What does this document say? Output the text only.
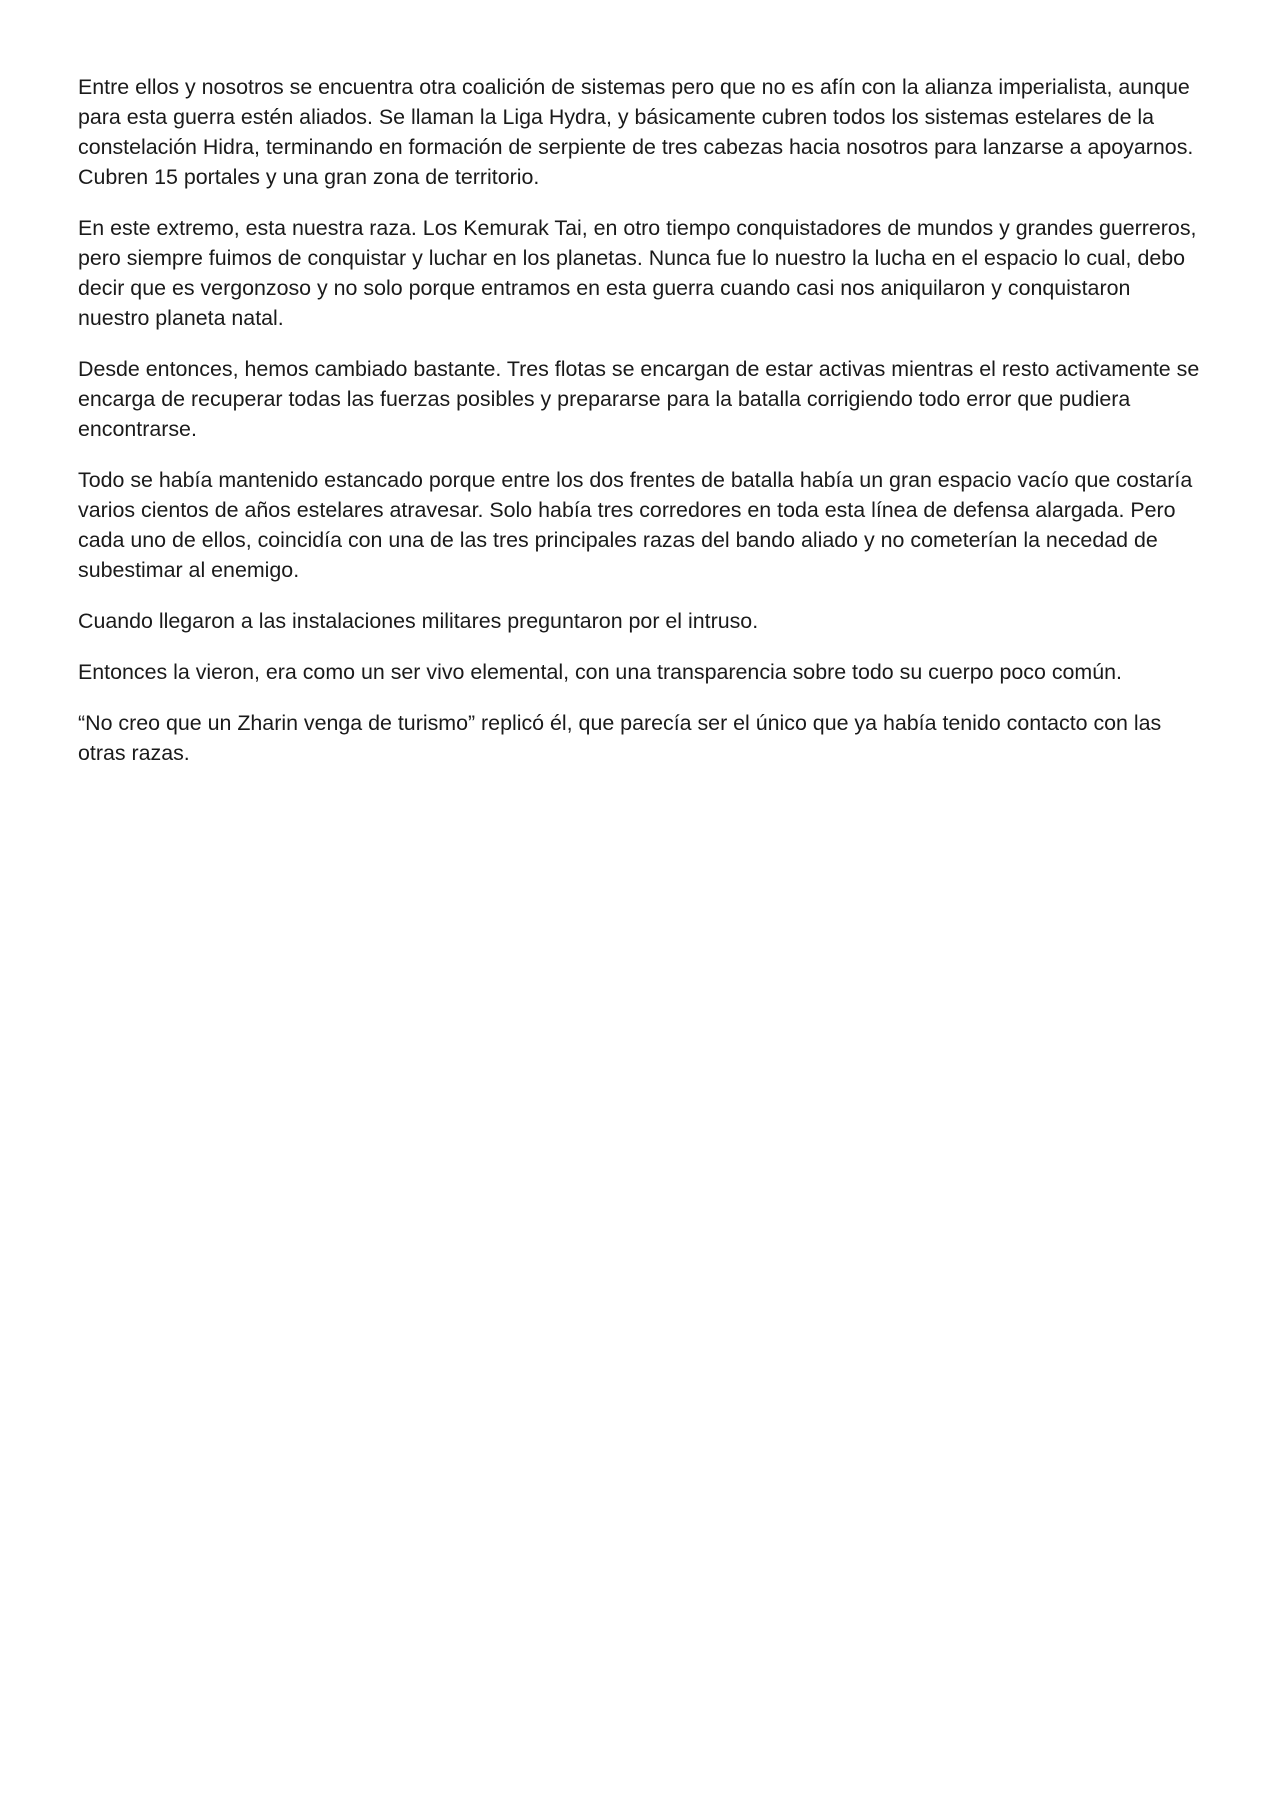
Entre ellos y nosotros se encuentra otra coalición de sistemas pero que no es afín con la alianza imperialista, aunque para esta guerra estén aliados. Se llaman la Liga Hydra, y básicamente cubren todos los sistemas estelares de la constelación Hidra, terminando en formación de serpiente de tres cabezas hacia nosotros para lanzarse a apoyarnos. Cubren 15 portales y una gran zona de territorio.

En este extremo, esta nuestra raza. Los Kemurak Tai, en otro tiempo conquistadores de mundos y grandes guerreros, pero siempre fuimos de conquistar y luchar en los planetas. Nunca fue lo nuestro la lucha en el espacio lo cual, debo decir que es vergonzoso y no solo porque entramos en esta guerra cuando casi nos aniquilaron y conquistaron nuestro planeta natal.

Desde entonces, hemos cambiado bastante. Tres flotas se encargan de estar activas mientras el resto activamente se encarga de recuperar todas las fuerzas posibles y prepararse para la batalla corrigiendo todo error que pudiera encontrarse.

Todo se había mantenido estancado porque entre los dos frentes de batalla había un gran espacio vacío que costaría varios cientos de años estelares atravesar. Solo había tres corredores en toda esta línea de defensa alargada. Pero cada uno de ellos, coincidía con una de las tres principales razas del bando aliado y no cometerían la necedad de subestimar al enemigo.

Cuando llegaron a las instalaciones militares preguntaron por el intruso.

Entonces la vieron, era como un ser vivo elemental, con una transparencia sobre todo su cuerpo poco común.

“No creo que un Zharin venga de turismo” replicó él, que parecía ser el único que ya había tenido contacto con las otras razas.
